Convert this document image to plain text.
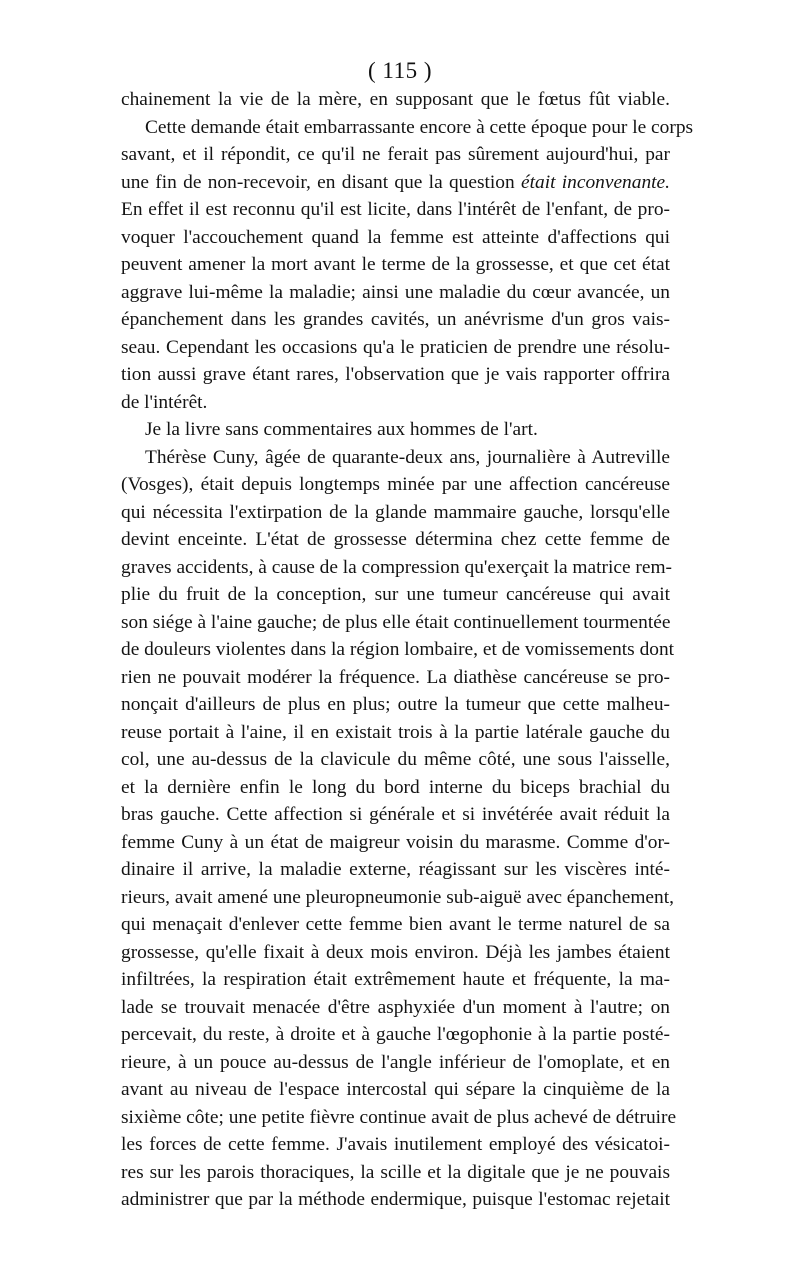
( 115 )
chainement la vie de la mère, en supposant que le fœtus fût viable.
Cette demande était embarrassante encore à cette époque pour le corps
savant, et il répondit, ce qu'il ne ferait pas sûrement aujourd'hui, par
une fin de non-recevoir, en disant que la question était inconvenante.
En effet il est reconnu qu'il est licite, dans l'intérêt de l'enfant, de pro-
voquer l'accouchement quand la femme est atteinte d'affections qui
peuvent amener la mort avant le terme de la grossesse, et que cet état
aggrave lui-même la maladie; ainsi une maladie du cœur avancée, un
épanchement dans les grandes cavités, un anévrisme d'un gros vais-
seau. Cependant les occasions qu'a le praticien de prendre une résolu-
tion aussi grave étant rares, l'observation que je vais rapporter offrira
de l'intérêt.
Je la livre sans commentaires aux hommes de l'art.
Thérèse Cuny, âgée de quarante-deux ans, journalière à Autreville
(Vosges), était depuis longtemps minée par une affection cancéreuse
qui nécessita l'extirpation de la glande mammaire gauche, lorsqu'elle
devint enceinte. L'état de grossesse détermina chez cette femme de
graves accidents, à cause de la compression qu'exerçait la matrice rem-
plie du fruit de la conception, sur une tumeur cancéreuse qui avait
son siége à l'aine gauche; de plus elle était continuellement tourmentée
de douleurs violentes dans la région lombaire, et de vomissements dont
rien ne pouvait modérer la fréquence. La diathèse cancéreuse se pro-
nonçait d'ailleurs de plus en plus; outre la tumeur que cette malheu-
reuse portait à l'aine, il en existait trois à la partie latérale gauche du
col, une au-dessus de la clavicule du même côté, une sous l'aisselle,
et la dernière enfin le long du bord interne du biceps brachial du
bras gauche. Cette affection si générale et si invétérée avait réduit la
femme Cuny à un état de maigreur voisin du marasme. Comme d'or-
dinaire il arrive, la maladie externe, réagissant sur les viscères inté-
rieurs, avait amené une pleuropneumonie sub-aiguë avec épanchement,
qui menaçait d'enlever cette femme bien avant le terme naturel de sa
grossesse, qu'elle fixait à deux mois environ. Déjà les jambes étaient
infiltrées, la respiration était extrêmement haute et fréquente, la ma-
lade se trouvait menacée d'être asphyxiée d'un moment à l'autre; on
percevait, du reste, à droite et à gauche l'œgophonie à la partie posté-
rieure, à un pouce au-dessus de l'angle inférieur de l'omoplate, et en
avant au niveau de l'espace intercostal qui sépare la cinquième de la
sixième côte; une petite fièvre continue avait de plus achevé de détruire
les forces de cette femme. J'avais inutilement employé des vésicatoi-
res sur les parois thoraciques, la scille et la digitale que je ne pouvais
administrer que par la méthode endermique, puisque l'estomac rejetait
